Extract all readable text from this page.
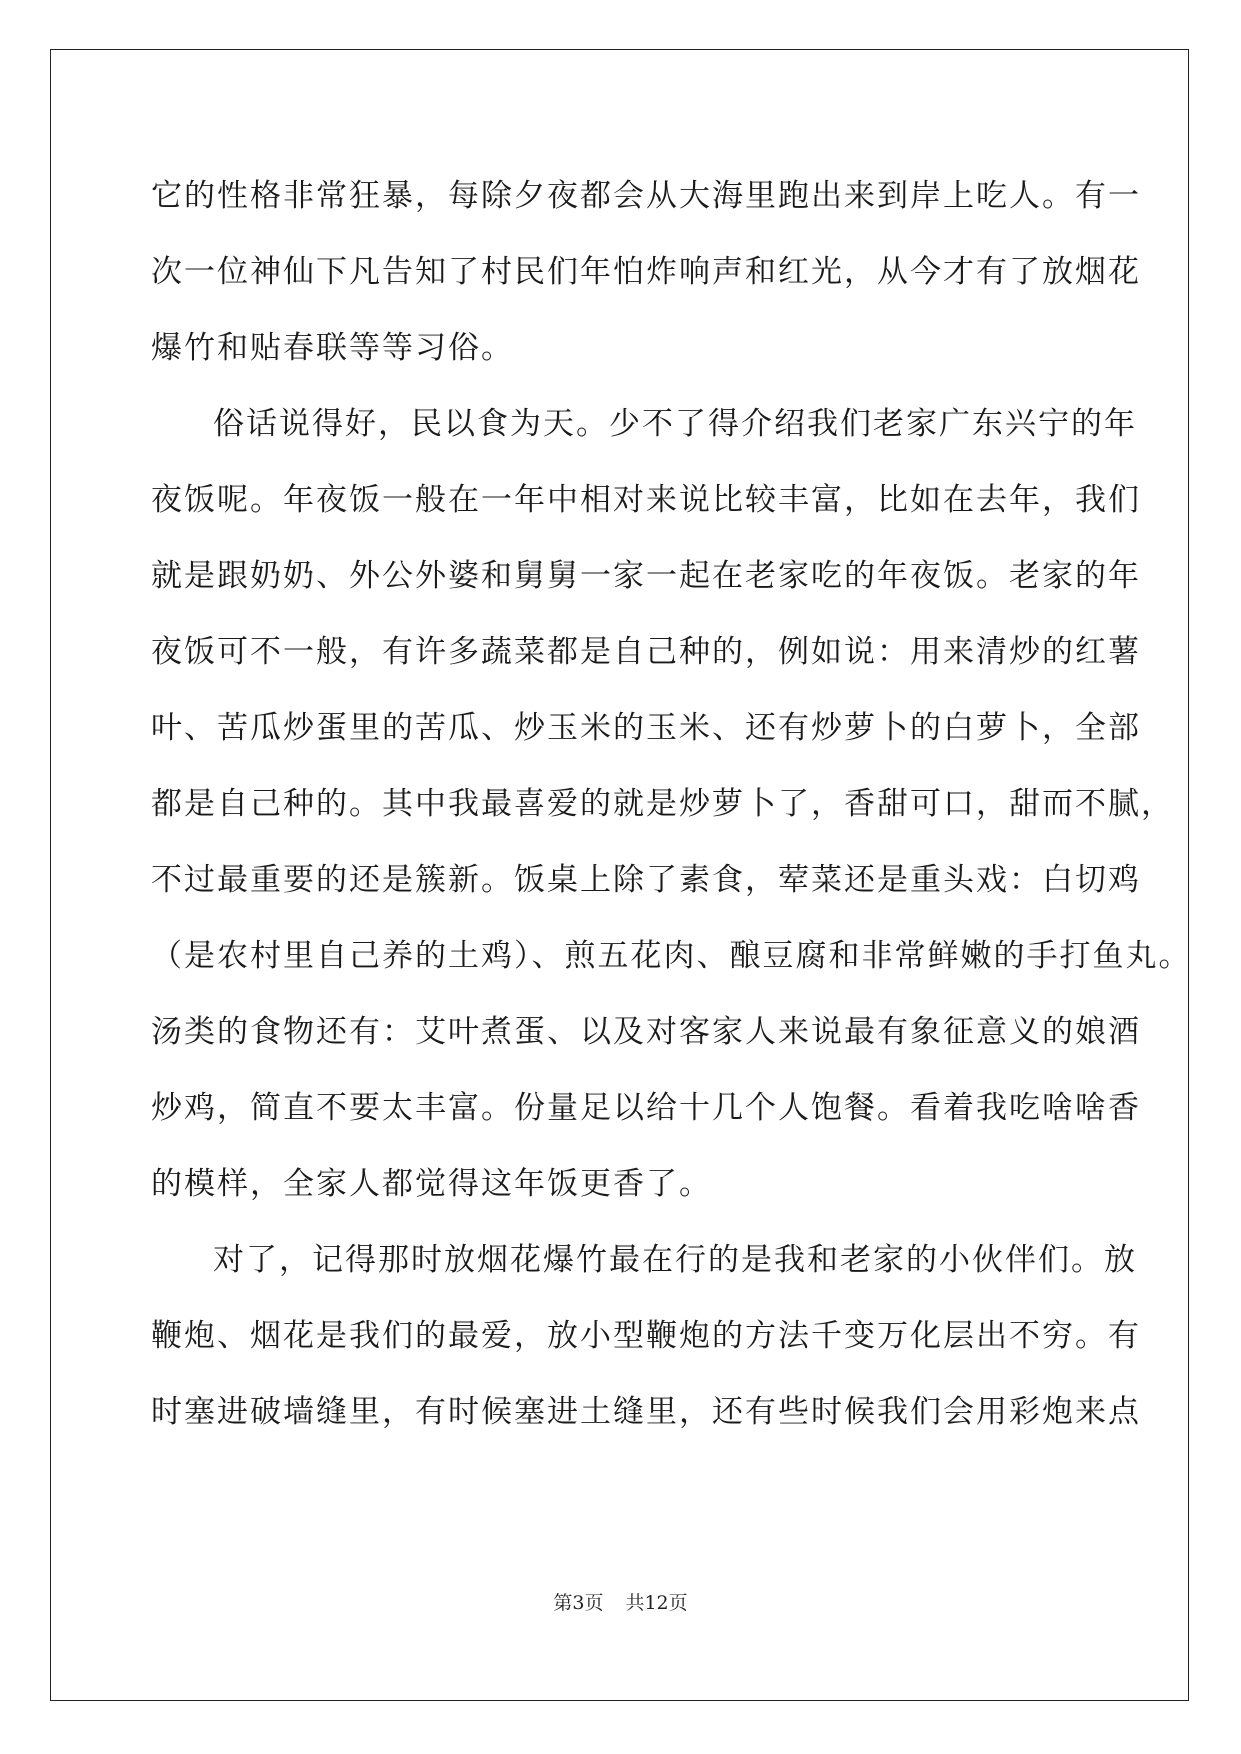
它的性格非常狂暴，每除夕夜都会从大海里跑出来到岸上吃人。有一
次一位神仙下凡告知了村民们年怕炸响声和红光，从今才有了放烟花
爆竹和贴春联等等习俗。
俗话说得好，民以食为天。少不了得介绍我们老家广东兴宁的年
夜饭呢。年夜饭一般在一年中相对来说比较丰富，比如在去年，我们
就是跟奶奶、外公外婆和舅舅一家一起在老家吃的年夜饭。老家的年
夜饭可不一般，有许多蔬菜都是自己种的，例如说：用来清炒的红薯
叶、苦瓜炒蛋里的苦瓜、炒玉米的玉米、还有炒萝卜的白萝卜，全部
都是自己种的。其中我最喜爱的就是炒萝卜了，香甜可口，甜而不腻，
不过最重要的还是簇新。饭桌上除了素食，荤菜还是重头戏：白切鸡
（是农村里自己养的土鸡）、煎五花肉、酿豆腐和非常鲜嫩的手打鱼丸。
汤类的食物还有：艾叶煮蛋、以及对客家人来说最有象征意义的娘酒
炒鸡，简直不要太丰富。份量足以给十几个人饱餐。看着我吃啥啥香
的模样，全家人都觉得这年饭更香了。
对了，记得那时放烟花爆竹最在行的是我和老家的小伙伴们。放
鞭炮、烟花是我们的最爱，放小型鞭炮的方法千变万化层出不穷。有
时塞进破墙缝里，有时候塞进土缝里，还有些时候我们会用彩炮来点
第3页 共12页
